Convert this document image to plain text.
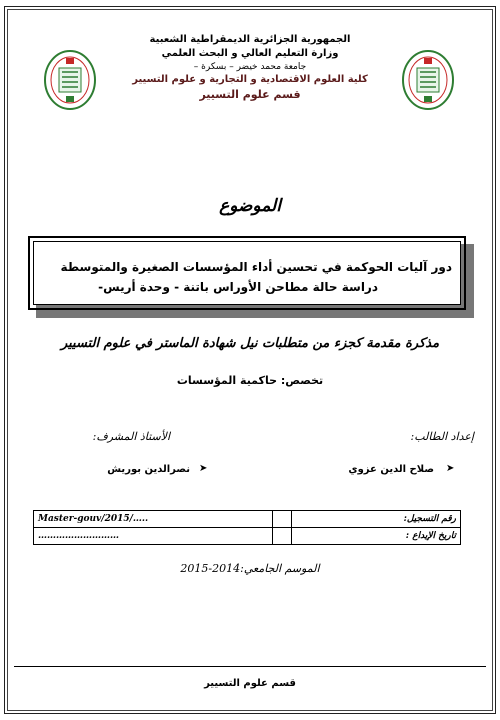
الجمهورية الجزائرية الديمقراطية الشعبية
وزارة التعليم العالي و البحث العلمي
جامعة محمد خيضر – بسكرة –
كلية العلوم الاقتصادية و التجارية و علوم التسيير
قسم علوم التسيير
الموضوع
دور آليات الحوكمة في تحسين أداء المؤسسات الصغيرة والمتوسطة
دراسة حالة مطاحن الأوراس باتنة - وحدة أريس-
مذكرة مقدمة كجزء من متطلبات نيل شهادة الماستر في علوم التسيير
تخصص: حاكمية المؤسسات
إعداد الطالب:
الأستاذ المشرف:
➤
صلاح الدين عزوي
➤
نصرالدين بوريش
Master-gouv/2015/…..		رقم التسجيل:
………………………		تاريخ الإيداع :
الموسم الجامعي:2014-2015
قسم علوم التسيير
